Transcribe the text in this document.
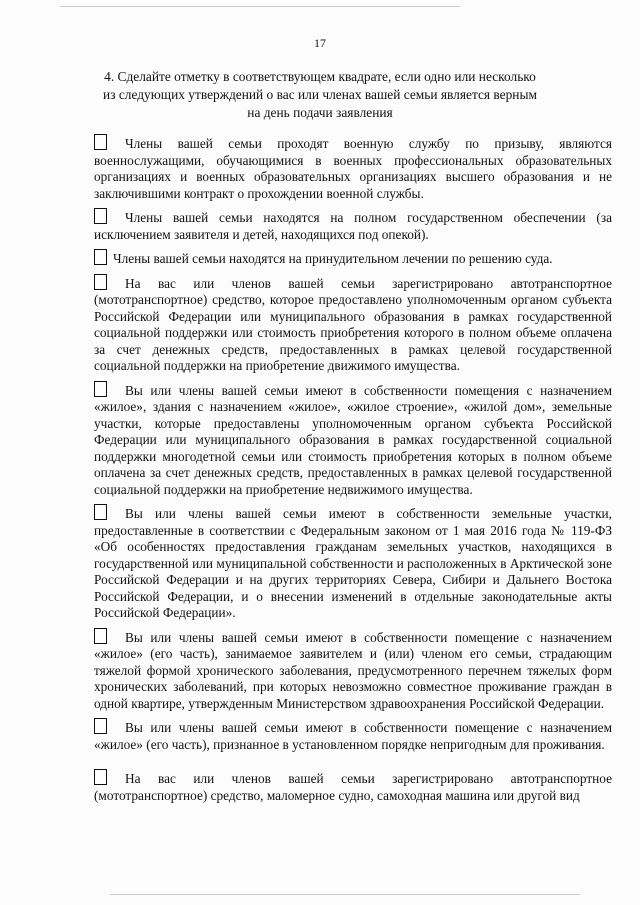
17
4. Сделайте отметку в соответствующем квадрате, если одно или несколько из следующих утверждений о вас или членах вашей семьи является верным на день подачи заявления

Члены вашей семьи проходят военную службу по призыву, являются военнослужащими, обучающимися в военных профессиональных образовательных организациях и военных образовательных организациях высшего образования и не заключившими контракт о прохождении военной службы.

Члены вашей семьи находятся на полном государственном обеспечении (за исключением заявителя и детей, находящихся под опекой).

Члены вашей семьи находятся на принудительном лечении по решению суда.

На вас или членов вашей семьи зарегистрировано автотранспортное (мототранспортное) средство, которое предоставлено уполномоченным органом субъекта Российской Федерации или муниципального образования в рамках государственной социальной поддержки или стоимость приобретения которого в полном объеме оплачена за счет денежных средств, предоставленных в рамках целевой государственной социальной поддержки на приобретение движимого имущества.

Вы или члены вашей семьи имеют в собственности помещения с назначением «жилое», здания с назначением «жилое», «жилое строение», «жилой дом», земельные участки, которые предоставлены уполномоченным органом субъекта Российской Федерации или муниципального образования в рамках государственной социальной поддержки многодетной семьи или стоимость приобретения которых в полном объеме оплачена за счет денежных средств, предоставленных в рамках целевой государственной социальной поддержки на приобретение недвижимого имущества.

Вы или члены вашей семьи имеют в собственности земельные участки, предоставленные в соответствии с Федеральным законом от 1 мая 2016 года № 119-ФЗ «Об особенностях предоставления гражданам земельных участков, находящихся в государственной или муниципальной собственности и расположенных в Арктической зоне Российской Федерации и на других территориях Севера, Сибири и Дальнего Востока Российской Федерации, и о внесении изменений в отдельные законодательные акты Российской Федерации».

Вы или члены вашей семьи имеют в собственности помещение с назначением «жилое» (его часть), занимаемое заявителем и (или) членом его семьи, страдающим тяжелой формой хронического заболевания, предусмотренного перечнем тяжелых форм хронических заболеваний, при которых невозможно совместное проживание граждан в одной квартире, утвержденным Министерством здравоохранения Российской Федерации.

Вы или члены вашей семьи имеют в собственности помещение с назначением «жилое» (его часть), признанное в установленном порядке непригодным для проживания.

На вас или членов вашей семьи зарегистрировано автотранспортное (мототранспортное) средство, маломерное судно, самоходная машина или другой вид
